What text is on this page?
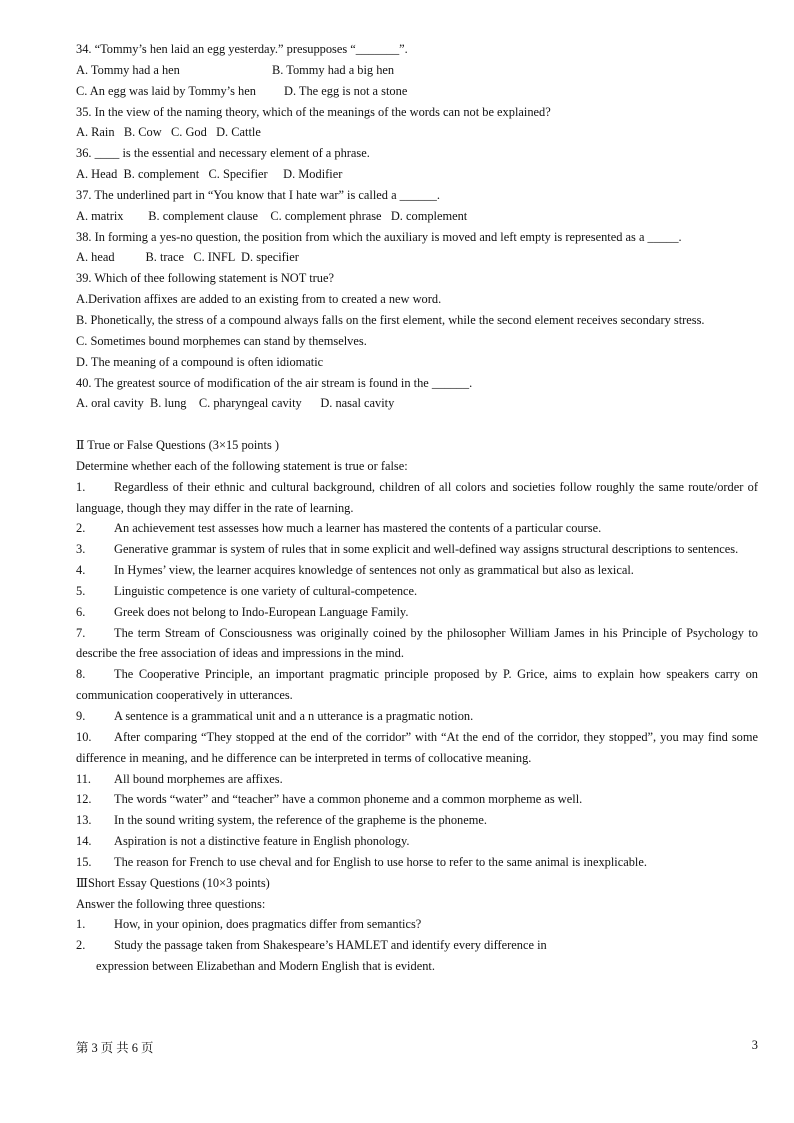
34. “Tommy’s hen laid an egg yesterday.” presupposes “_______”.
A. Tommy had a hen	B. Tommy had a big hen
C. An egg was laid by Tommy’s hen D. The egg is not a stone
35. In the view of the naming theory, which of the meanings of the words can not be explained?
A. Rain   B. Cow   C. God   D. Cattle
36. ____ is the essential and necessary element of a phrase.
A. Head  B. complement   C. Specifier     D. Modifier
37. The underlined part in “You know that I hate war” is called a ______.
A. matrix        B. complement clause    C. complement phrase   D. complement
38. In forming a yes-no question, the position from which the auxiliary is moved and left empty is represented as a _____.
A. head          B. trace   C. INFL  D. specifier
39. Which of thee following statement is NOT true?
A.Derivation affixes are added to an existing from to created a new word.
B. Phonetically, the stress of a compound always falls on the first element, while the second element receives secondary stress.
C. Sometimes bound morphemes can stand by themselves.
D. The meaning of a compound is often idiomatic
40. The greatest source of modification of the air stream is found in the ______.
A. oral cavity  B. lung    C. pharyngeal cavity      D. nasal cavity
Ⅱ True or False Questions (3×15 points )
Determine whether each of the following statement is true or false:
1. Regardless of their ethnic and cultural background, children of all colors and societies follow roughly the same route/order of language, though they may differ in the rate of learning.
2. An achievement test assesses how much a learner has mastered the contents of a particular course.
3. Generative grammar is system of rules that in some explicit and well-defined way assigns structural descriptions to sentences.
4. In Hymes’ view, the learner acquires knowledge of sentences not only as grammatical but also as lexical.
5. Linguistic competence is one variety of cultural-competence.
6. Greek does not belong to Indo-European Language Family.
7. The term Stream of Consciousness was originally coined by the philosopher William James in his Principle of Psychology to describe the free association of ideas and impressions in the mind.
8. The Cooperative Principle, an important pragmatic principle proposed by P. Grice, aims to explain how speakers carry on communication cooperatively in utterances.
9. A sentence is a grammatical unit and a n utterance is a pragmatic notion.
10. After comparing “They stopped at the end of the corridor” with “At the end of the corridor, they stopped”, you may find some difference in meaning, and he difference can be interpreted in terms of collocative meaning.
11. All bound morphemes are affixes.
12. The words “water” and “teacher” have a common phoneme and a common morpheme as well.
13. In the sound writing system, the reference of the grapheme is the phoneme.
14. Aspiration is not a distinctive feature in English phonology.
15. The reason for French to use cheval and for English to use horse to refer to the same animal is inexplicable.
ⅢShort Essay Questions (10×3 points)
Answer the following three questions:
1. How, in your opinion, does pragmatics differ from semantics?
2. Study the passage taken from Shakespeare’s HAMLET and identify every difference in
expression between Elizabethan and Modern English that is evident.
第 3 页 共 6 页	3
